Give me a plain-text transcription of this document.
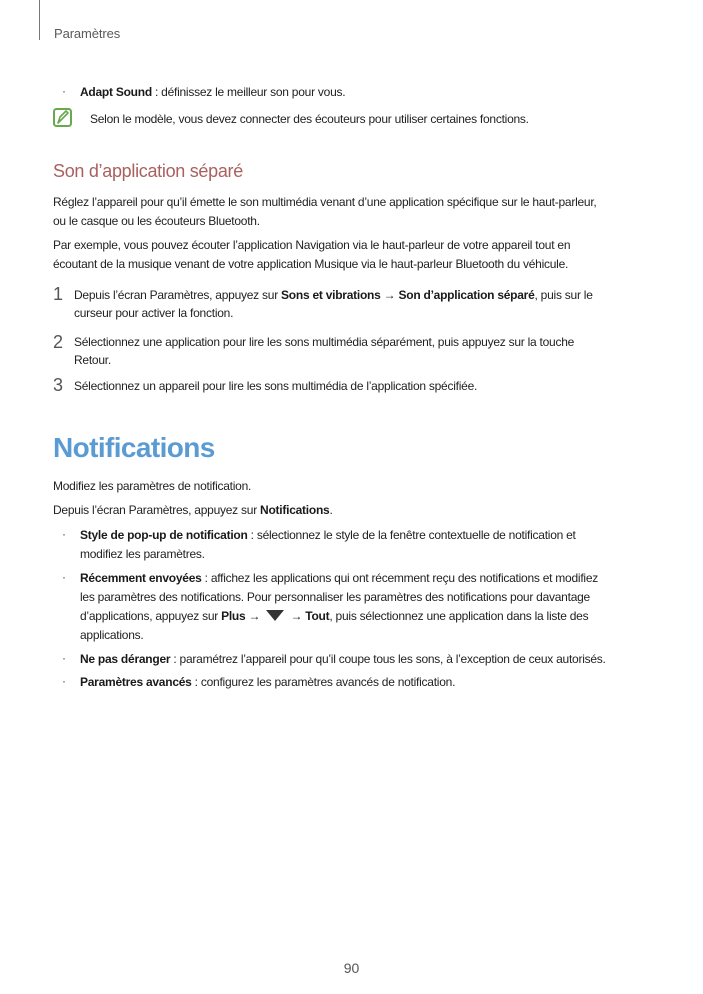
Paramètres
· Adapt Sound : définissez le meilleur son pour vous.
Selon le modèle, vous devez connecter des écouteurs pour utiliser certaines fonctions.
Son d’application séparé
Réglez l’appareil pour qu’il émette le son multimédia venant d’une application spécifique sur le haut-parleur,
ou le casque ou les écouteurs Bluetooth.
Par exemple, vous pouvez écouter l’application Navigation via le haut-parleur de votre appareil tout en
écoutant de la musique venant de votre application Musique via le haut-parleur Bluetooth du véhicule.
1 Depuis l’écran Paramètres, appuyez sur Sons et vibrations → Son d’application séparé, puis sur le
curseur pour activer la fonction.
2 Sélectionnez une application pour lire les sons multimédia séparément, puis appuyez sur la touche
Retour.
3 Sélectionnez un appareil pour lire les sons multimédia de l’application spécifiée.
Notifications
Modifiez les paramètres de notification.
Depuis l’écran Paramètres, appuyez sur Notifications.
· Style de pop-up de notification : sélectionnez le style de la fenêtre contextuelle de notification et
modifiez les paramètres.
· Récemment envoyées : affichez les applications qui ont récemment reçu des notifications et modifiez
les paramètres des notifications. Pour personnaliser les paramètres des notifications pour davantage
d’applications, appuyez sur Plus →  → Tout, puis sélectionnez une application dans la liste des
applications.
· Ne pas déranger : paramétrez l’appareil pour qu’il coupe tous les sons, à l’exception de ceux autorisés.
· Paramètres avancés : configurez les paramètres avancés de notification.
90
